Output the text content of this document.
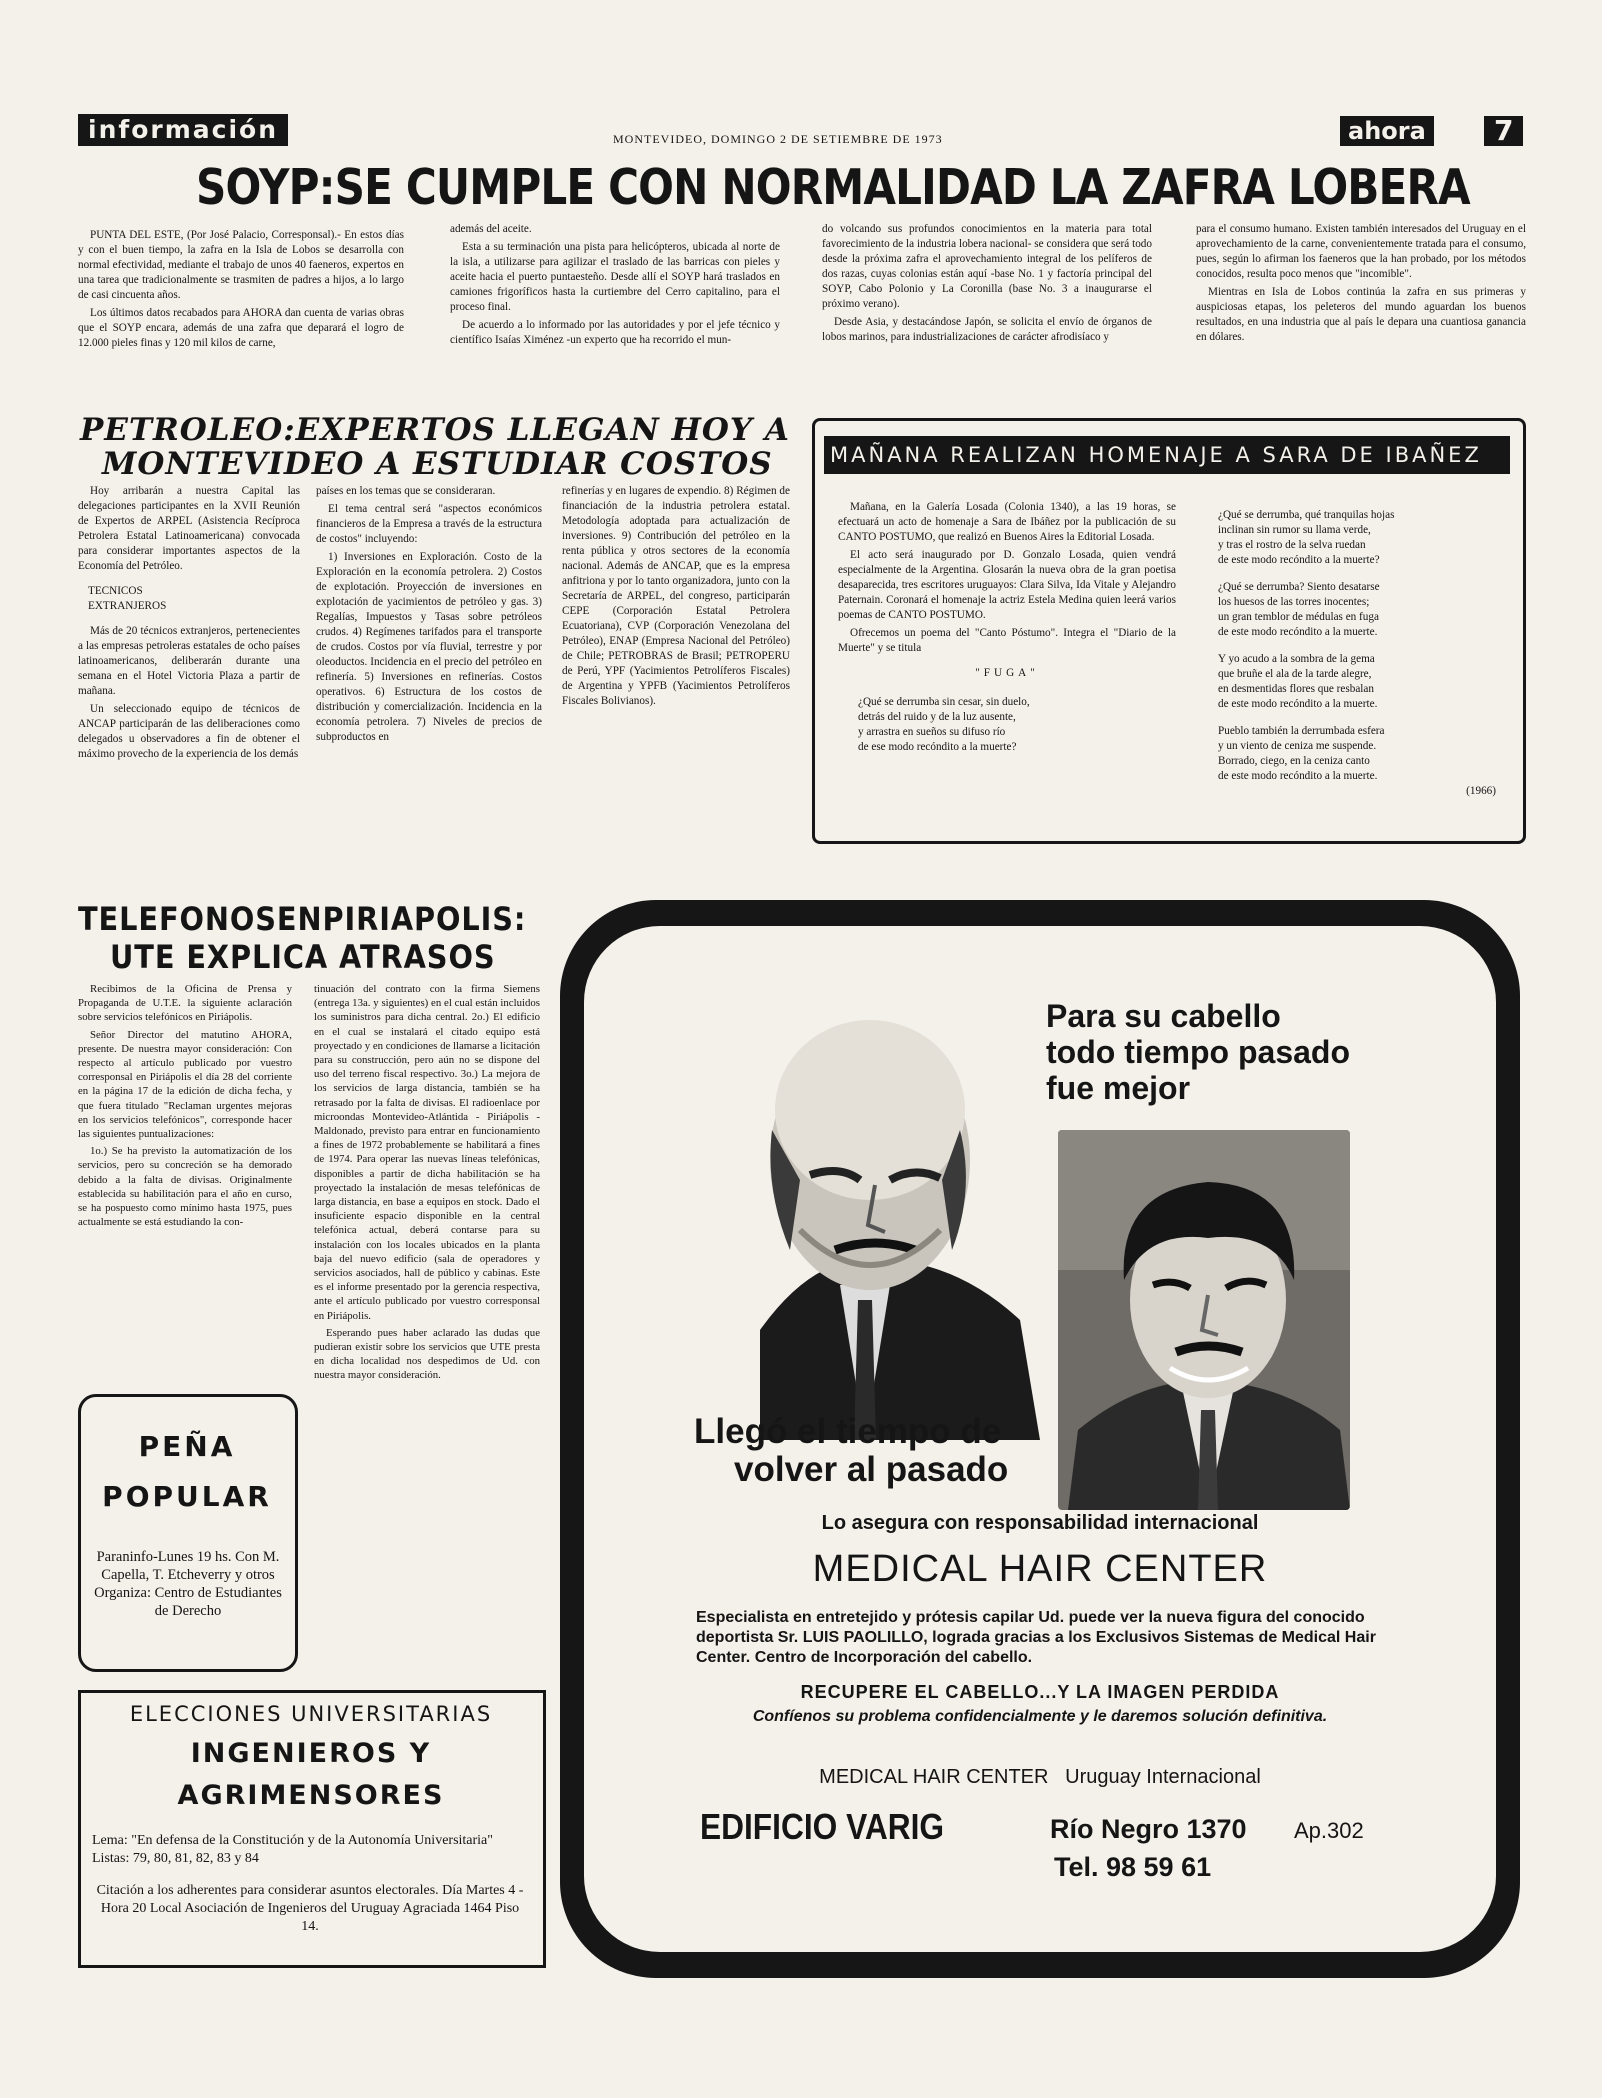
información	MONTEVIDEO, DOMINGO 2 DE SETIEMBRE DE 1973	ahora	7
SOYP:SE CUMPLE CON NORMALIDAD LA ZAFRA LOBERA

PUNTA DEL ESTE, (Por José Palacio, Corresponsal).- En estos días y con el buen tiempo, la zafra en la Isla de Lobos se desarrolla con normal efectividad, mediante el trabajo de unos 40 faeneros, expertos en una tarea que tradicionalmente se trasmiten de padres a hijos, a lo largo de casi cincuenta años.

Los últimos datos recabados para AHORA dan cuenta de varias obras que el SOYP encara, además de una zafra que deparará el logro de 12.000 pieles finas y 120 mil kilos de carne,

además del aceite.

Esta a su terminación una pista para helicópteros, ubicada al norte de la isla, a utilizarse para agilizar el traslado de las barricas con pieles y aceite hacia el puerto puntaesteño. Desde allí el SOYP hará traslados en camiones frigoríficos hasta la curtiembre del Cerro capitalino, para el proceso final.

De acuerdo a lo informado por las autoridades y por el jefe técnico y científico Isaías Ximénez -un experto que ha recorrido el mun-

do volcando sus profundos conocimientos en la materia para total favorecimiento de la industria lobera nacional- se considera que será todo desde la próxima zafra el aprovechamiento integral de los pelíferos de dos razas, cuyas colonias están aquí -base No. 1 y factoría principal del SOYP, Cabo Polonio y La Coronilla (base No. 3 a inaugurarse el próximo verano).

Desde Asia, y destacándose Japón, se solicita el envío de órganos de lobos marinos, para industrializaciones de carácter afrodisíaco y

para el consumo humano. Existen también interesados del Uruguay en el aprovechamiento de la carne, convenientemente tratada para el consumo, pues, según lo afirman los faeneros que la han probado, por los métodos conocidos, resulta poco menos que "incomible".

Mientras en Isla de Lobos continúa la zafra en sus primeras y auspiciosas etapas, los peleteros del mundo aguardan los buenos resultados, en una industria que al país le depara una cuantiosa ganancia en dólares.

PETROLEO:EXPERTOS LLEGAN HOY A
MONTEVIDEO A ESTUDIAR COSTOS

Hoy arribarán a nuestra Capital las delegaciones participantes en la XVII Reunión de Expertos de ARPEL (Asistencia Recíproca Petrolera Estatal Latinoamericana) convocada para considerar importantes aspectos de la Economía del Petróleo.

TECNICOS EXTRANJEROS

Más de 20 técnicos extranjeros, pertenecientes a las empresas petroleras estatales de ocho países latinoamericanos, deliberarán durante una semana en el Hotel Victoria Plaza a partir de mañana.

Un seleccionado equipo de técnicos de ANCAP participarán de las deliberaciones como delegados u observadores a fin de obtener el máximo provecho de la experiencia de los demás

países en los temas que se consideraran.

El tema central será "aspectos económicos financieros de la Empresa a través de la estructura de costos" incluyendo:

1) Inversiones en Exploración. Costo de la Exploración en la economía petrolera. 2) Costos de explotación. Proyección de inversiones en explotación de yacimientos de petróleo y gas. 3) Regalías, Impuestos y Tasas sobre petróleos crudos. 4) Regímenes tarifados para el transporte de crudos. Costos por vía fluvial, terrestre y por oleoductos. Incidencia en el precio del petróleo en refinería. 5) Inversiones en refinerías. Costos operativos. 6) Estructura de los costos de distribución y comercialización. Incidencia en la economía petrolera. 7) Niveles de precios de subproductos en

refinerías y en lugares de expendio. 8) Régimen de financiación de la industria petrolera estatal. Metodología adoptada para actualización de inversiones. 9) Contribución del petróleo en la renta pública y otros sectores de la economía nacional. Además de ANCAP, que es la empresa anfitriona y por lo tanto organizadora, junto con la Secretaría de ARPEL, del congreso, participarán CEPE (Corporación Estatal Petrolera Ecuatoriana), CVP (Corporación Venezolana del Petróleo), ENAP (Empresa Nacional del Petróleo) de Chile; PETROBRAS de Brasil; PETROPERU de Perú, YPF (Yacimientos Petrolíferos Fiscales) de Argentina y YPFB (Yacimientos Petrolíferos Fiscales Bolivianos).

MAÑANA REALIZAN HOMENAJE A SARA DE IBAÑEZ

Mañana, en la Galería Losada (Colonia 1340), a las 19 horas, se efectuará un acto de homenaje a Sara de Ibáñez por la publicación de su CANTO POSTUMO, que realizó en Buenos Aires la Editorial Losada.

El acto será inaugurado por D. Gonzalo Losada, quien vendrá especialmente de la Argentina. Glosarán la nueva obra de la gran poetisa desaparecida, tres escritores uruguayos: Clara Silva, Ida Vitale y Alejandro Paternain. Coronará el homenaje la actriz Estela Medina quien leerá varios poemas de CANTO POSTUMO.

Ofrecemos un poema del "Canto Póstumo". Integra el "Diario de la Muerte" y se titula

"FUGA"

¿Qué se derrumba sin cesar, sin duelo,
detrás del ruido y de la luz ausente,
y arrastra en sueños su difuso río
de ese modo recóndito a la muerte?
¿Qué se derrumba, qué tranquilas hojas
inclinan sin rumor su llama verde,
y tras el rostro de la selva ruedan
de este modo recóndito a la muerte?
¿Qué se derrumba? Siento desatarse
los huesos de las torres inocentes;
un gran temblor de médulas en fuga
de este modo recóndito a la muerte.
Y yo acudo a la sombra de la gema
que bruñe el ala de la tarde alegre,
en desmentidas flores que resbalan
de este modo recóndito a la muerte.
Pueblo también la derrumbada esfera
y un viento de ceniza me suspende.
Borrado, ciego, en la ceniza canto
de este modo recóndito a la muerte.
(1966)
TELEFONOSENPIRIAPOLIS:
UTE EXPLICA ATRASOS

Recibimos de la Oficina de Prensa y Propaganda de U.T.E. la siguiente aclaración sobre servicios telefónicos en Piriápolis.

Señor Director del matutino AHORA, presente. De nuestra mayor consideración: Con respecto al artículo publicado por vuestro corresponsal en Piriápolis el día 28 del corriente en la página 17 de la edición de dicha fecha, y que fuera titulado "Reclaman urgentes mejoras en los servicios telefónicos", corresponde hacer las siguientes puntualizaciones:

1o.) Se ha previsto la automatización de los servicios, pero su concreción se ha demorado debido a la falta de divisas. Originalmente establecida su habilitación para el año en curso, se ha pospuesto como mínimo hasta 1975, pues actualmente se está estudiando la con-

tinuación del contrato con la firma Siemens (entrega 13a. y siguientes) en el cual están incluidos los suministros para dicha central. 2o.) El edificio en el cual se instalará el citado equipo está proyectado y en condiciones de llamarse a licitación para su construcción, pero aún no se dispone del uso del terreno fiscal respectivo. 3o.) La mejora de los servicios de larga distancia, también se ha retrasado por la falta de divisas. El radioenlace por microondas Montevideo-Atlántida - Piriápolis - Maldonado, previsto para entrar en funcionamiento a fines de 1972 probablemente se habilitará a fines de 1974. Para operar las nuevas líneas telefónicas, disponibles a partir de dicha habilitación se ha proyectado la instalación de mesas telefónicas de larga distancia, en base a equipos en stock. Dado el insuficiente espacio disponible en la central telefónica actual, deberá contarse para su instalación con los locales ubicados en la planta baja del nuevo edificio (sala de operadores y servicios asociados, hall de público y cabinas. Este es el informe presentado por la gerencia respectiva, ante el artículo publicado por vuestro corresponsal en Piriápolis.

Esperando pues haber aclarado las dudas que pudieran existir sobre los servicios que UTE presta en dicha localidad nos despedimos de Ud. con nuestra mayor consideración.

PEÑA
POPULAR
Paraninfo-Lunes 19 hs. Con M. Capella, T. Etcheverry y otros Organiza: Centro de Estudiantes de Derecho
ELECCIONES UNIVERSITARIAS
INGENIEROS Y
AGRIMENSORES
Lema: "En defensa de la Constitución y de la Autonomía Universitaria" Listas: 79, 80, 81, 82, 83 y 84
Citación a los adherentes para considerar asuntos electorales. Día Martes 4 - Hora 20 Local Asociación de Ingenieros del Uruguay Agraciada 1464 Piso 14.
Para su cabello
todo tiempo pasado
fue mejor
Llegó el tiempo de
volver al pasado
Lo asegura con responsabilidad internacional
MEDICAL HAIR CENTER
Especialista en entretejido y prótesis capilar Ud. puede ver la nueva figura del conocido deportista Sr. LUIS PAOLILLO, lograda gracias a los Exclusivos Sistemas de Medical Hair Center. Centro de Incorporación del cabello.
RECUPERE EL CABELLO...Y LA IMAGEN PERDIDA
Confíenos su problema confidencialmente y le daremos solución definitiva.
MEDICAL HAIR CENTER   Uruguay Internacional
EDIFICIO VARIG	Río Negro 1370 Ap.302
Tel. 98 59 61
